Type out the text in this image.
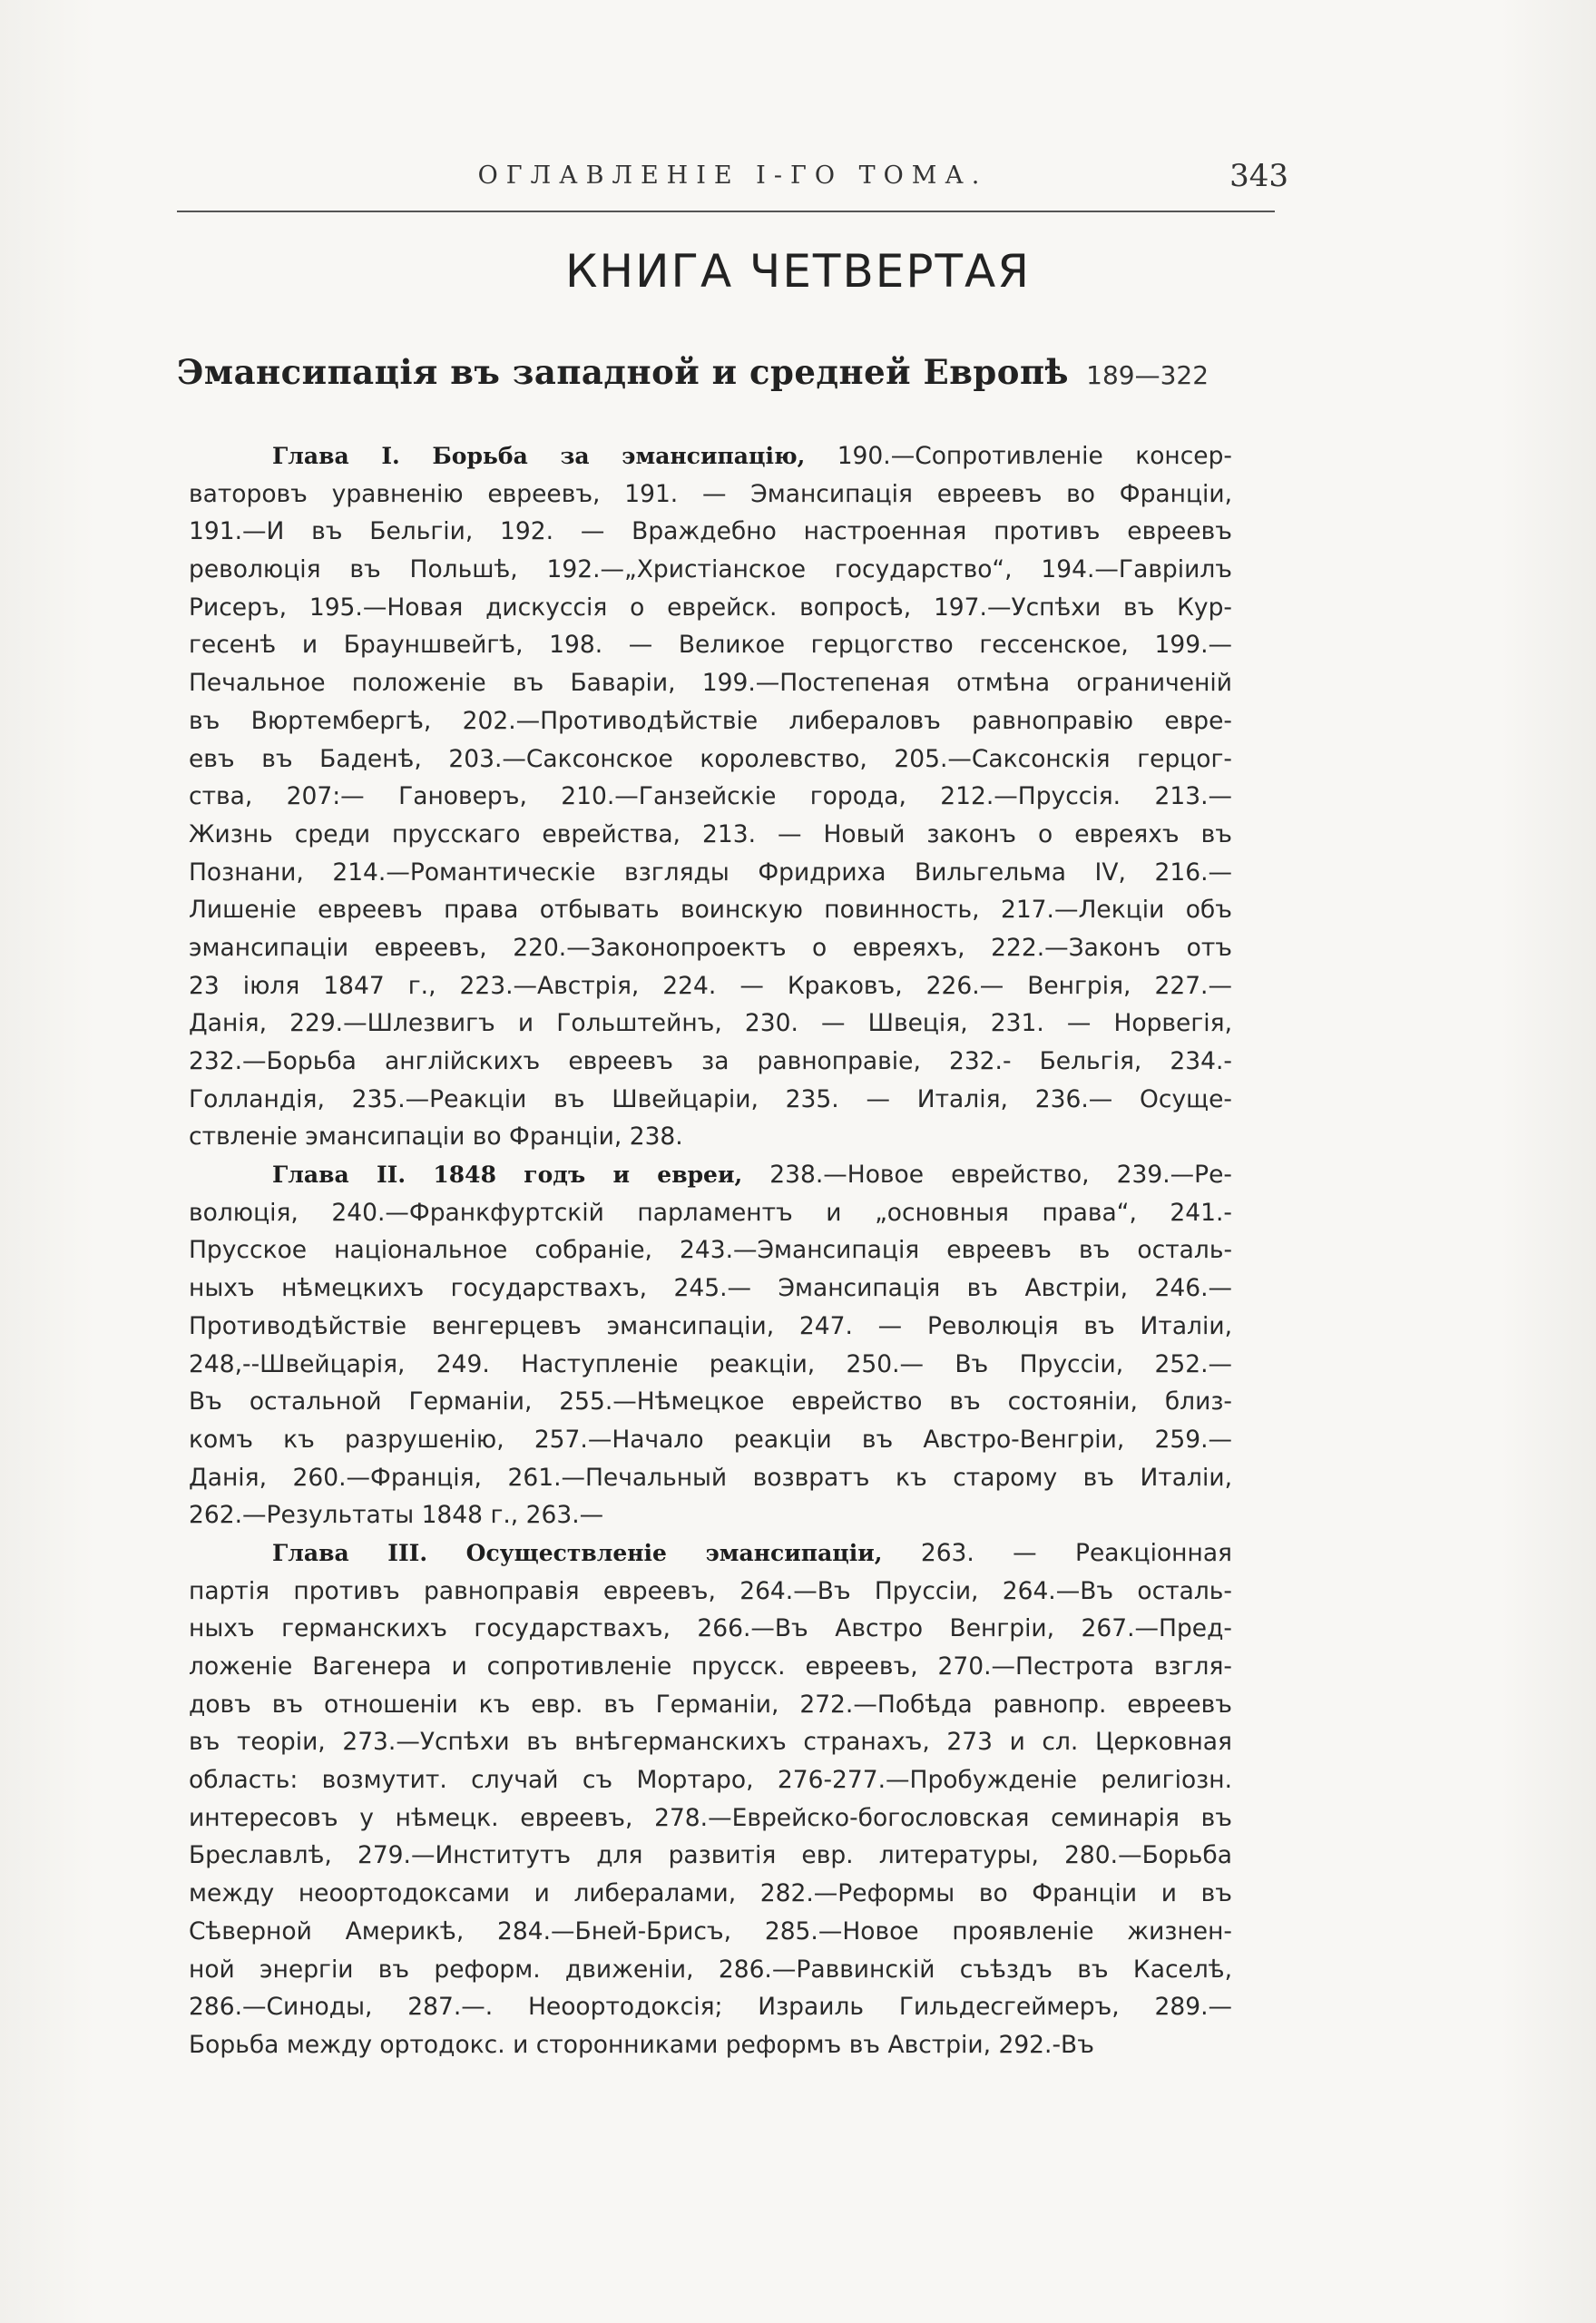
ОГЛАВЛЕНІЕ I-ГО ТОМА.	343
КНИГА ЧЕТВЕРТАЯ
Эмансипація въ западной и средней Европѣ 189—322
Глава I. Борьба за эмансипацію, 190.—Сопротивленіе консер-
ваторовъ уравненію евреевъ, 191. — Эмансипація евреевъ во Франціи,
191.—И въ Бельгіи, 192. — Враждебно настроенная противъ евреевъ
революція въ Польшѣ, 192.—„Христіанское государство“, 194.—Гавріилъ
Рисеръ, 195.—Новая дискуссія о еврейск. вопросѣ, 197.—Успѣхи въ Кур-
гесенѣ и Брауншвейгѣ, 198. — Великое герцогство гессенское, 199.—
Печальное положеніе въ Баваріи, 199.—Постепеная отмѣна ограниченій
въ Вюртембергѣ, 202.—Противодѣйствіе либераловъ равноправію евре-
евъ въ Баденѣ, 203.—Саксонское королевство, 205.—Саксонскія герцог-
ства, 207:— Гановеръ, 210.—Ганзейскіе города, 212.—Пруссія. 213.—
Жизнь среди прусскаго еврейства, 213. — Новый законъ о евреяхъ въ
Познани, 214.—Романтическіе взгляды Фридриха Вильгельма IV, 216.—
Лишеніе евреевъ права отбывать воинскую повинность, 217.—Лекціи объ
эмансипаціи евреевъ, 220.—Законопроектъ о евреяхъ, 222.—Законъ отъ
23 іюля 1847 г., 223.—Австрія, 224. — Краковъ, 226.— Венгрія, 227.—
Данія, 229.—Шлезвигъ и Гольштейнъ, 230. — Швеція, 231. — Норвегія,
232.—Борьба англійскихъ евреевъ за равноправіе, 232.- Бельгія, 234.-
Голландія, 235.—Реакціи въ Швейцаріи, 235. — Италія, 236.— Осуще-
ствленіе эмансипаціи во Франціи, 238.
Глава II. 1848 годъ и евреи, 238.—Новое еврейство, 239.—Ре-
волюція, 240.—Франкфуртскій парламентъ и „основныя права“, 241.-
Прусское національное собраніе, 243.—Эмансипація евреевъ въ осталь-
ныхъ нѣмецкихъ государствахъ, 245.— Эмансипація въ Австріи, 246.—
Противодѣйствіе венгерцевъ эмансипаціи, 247. — Революція въ Италіи,
248,--Швейцарія, 249. Наступленіе реакціи, 250.— Въ Пруссіи, 252.—
Въ остальной Германіи, 255.—Нѣмецкое еврейство въ состояніи, близ-
комъ къ разрушенію, 257.—Начало реакціи въ Австро-Венгріи, 259.—
Данія, 260.—Франція, 261.—Печальный возвратъ къ старому въ Италіи,
262.—Результаты 1848 г., 263.—
Глава III. Осуществленіе эмансипаціи, 263. — Реакціонная
партія противъ равноправія евреевъ, 264.—Въ Пруссіи, 264.—Въ осталь-
ныхъ германскихъ государствахъ, 266.—Въ Австро Венгріи, 267.—Пред-
ложеніе Вагенера и сопротивленіе прусск. евреевъ, 270.—Пестрота взгля-
довъ въ отношеніи къ евр. въ Германіи, 272.—Побѣда равнопр. евреевъ
въ теоріи, 273.—Успѣхи въ внѣгерманскихъ странахъ, 273 и сл. Церковная
область: возмутит. случай съ Мортаро, 276-277.—Пробужденіе религіозн.
интересовъ у нѣмецк. евреевъ, 278.—Еврейско-богословская семинарія въ
Бреславлѣ, 279.—Институтъ для развитія евр. литературы, 280.—Борьба
между неоортодоксами и либералами, 282.—Реформы во Франціи и въ
Сѣверной Америкѣ, 284.—Бней-Брисъ, 285.—Новое проявленіе жизнен-
ной энергіи въ реформ. движеніи, 286.—Раввинскій съѣздъ въ Каселѣ,
286.—Синоды, 287.—. Неоортодоксія; Израиль Гильдесгеймеръ, 289.—
Борьба между ортодокс. и сторонниками реформъ въ Австріи, 292.-Въ
